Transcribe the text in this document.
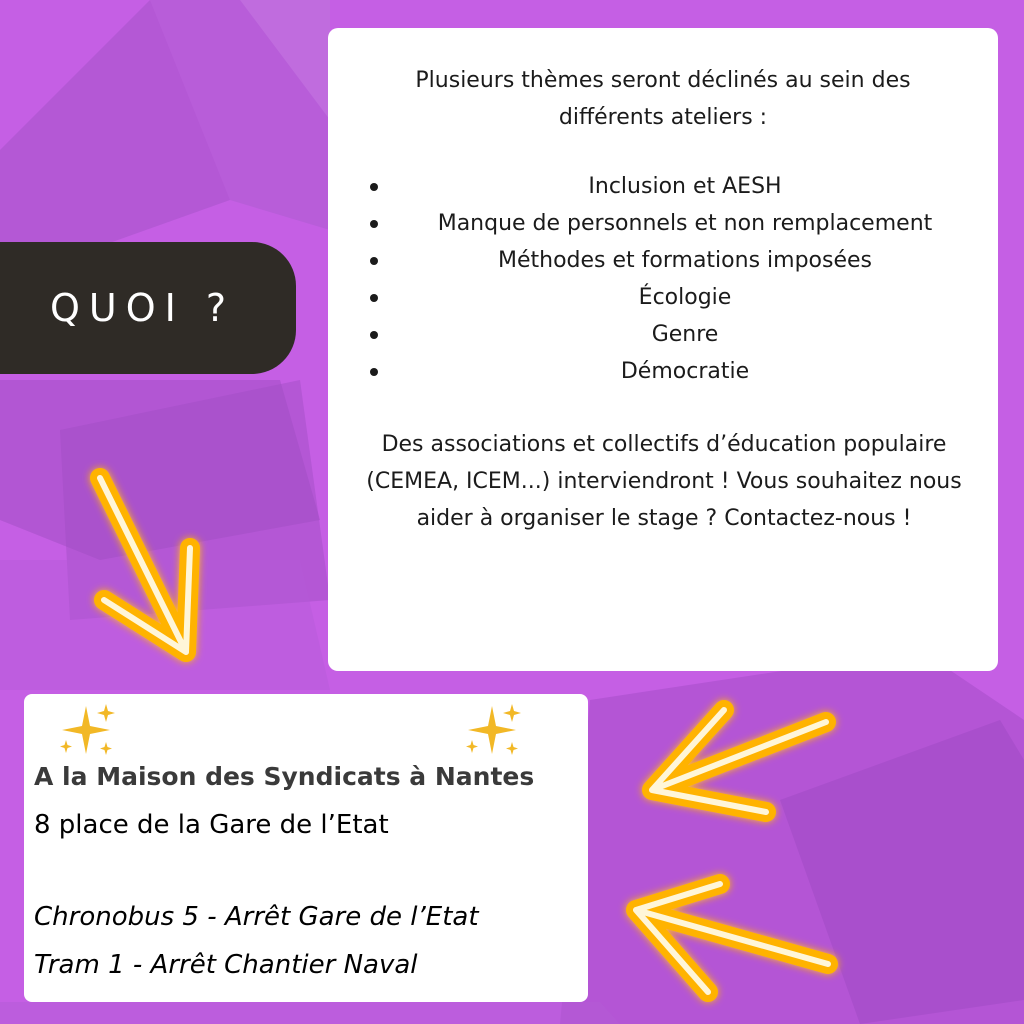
QUOI ?
Plusieurs thèmes seront déclinés au sein des différents ateliers :
Inclusion et AESH
Manque de personnels et non remplacement
Méthodes et formations imposées
Écologie
Genre
Démocratie
Des associations et collectifs d’éducation populaire (CEMEA, ICEM...) interviendront ! Vous souhaitez nous aider à organiser le stage ? Contactez-nous !
A la Maison des Syndicats à Nantes
8 place de la Gare de l’Etat
Chronobus 5 - Arrêt Gare de l’Etat
Tram 1 - Arrêt Chantier Naval
